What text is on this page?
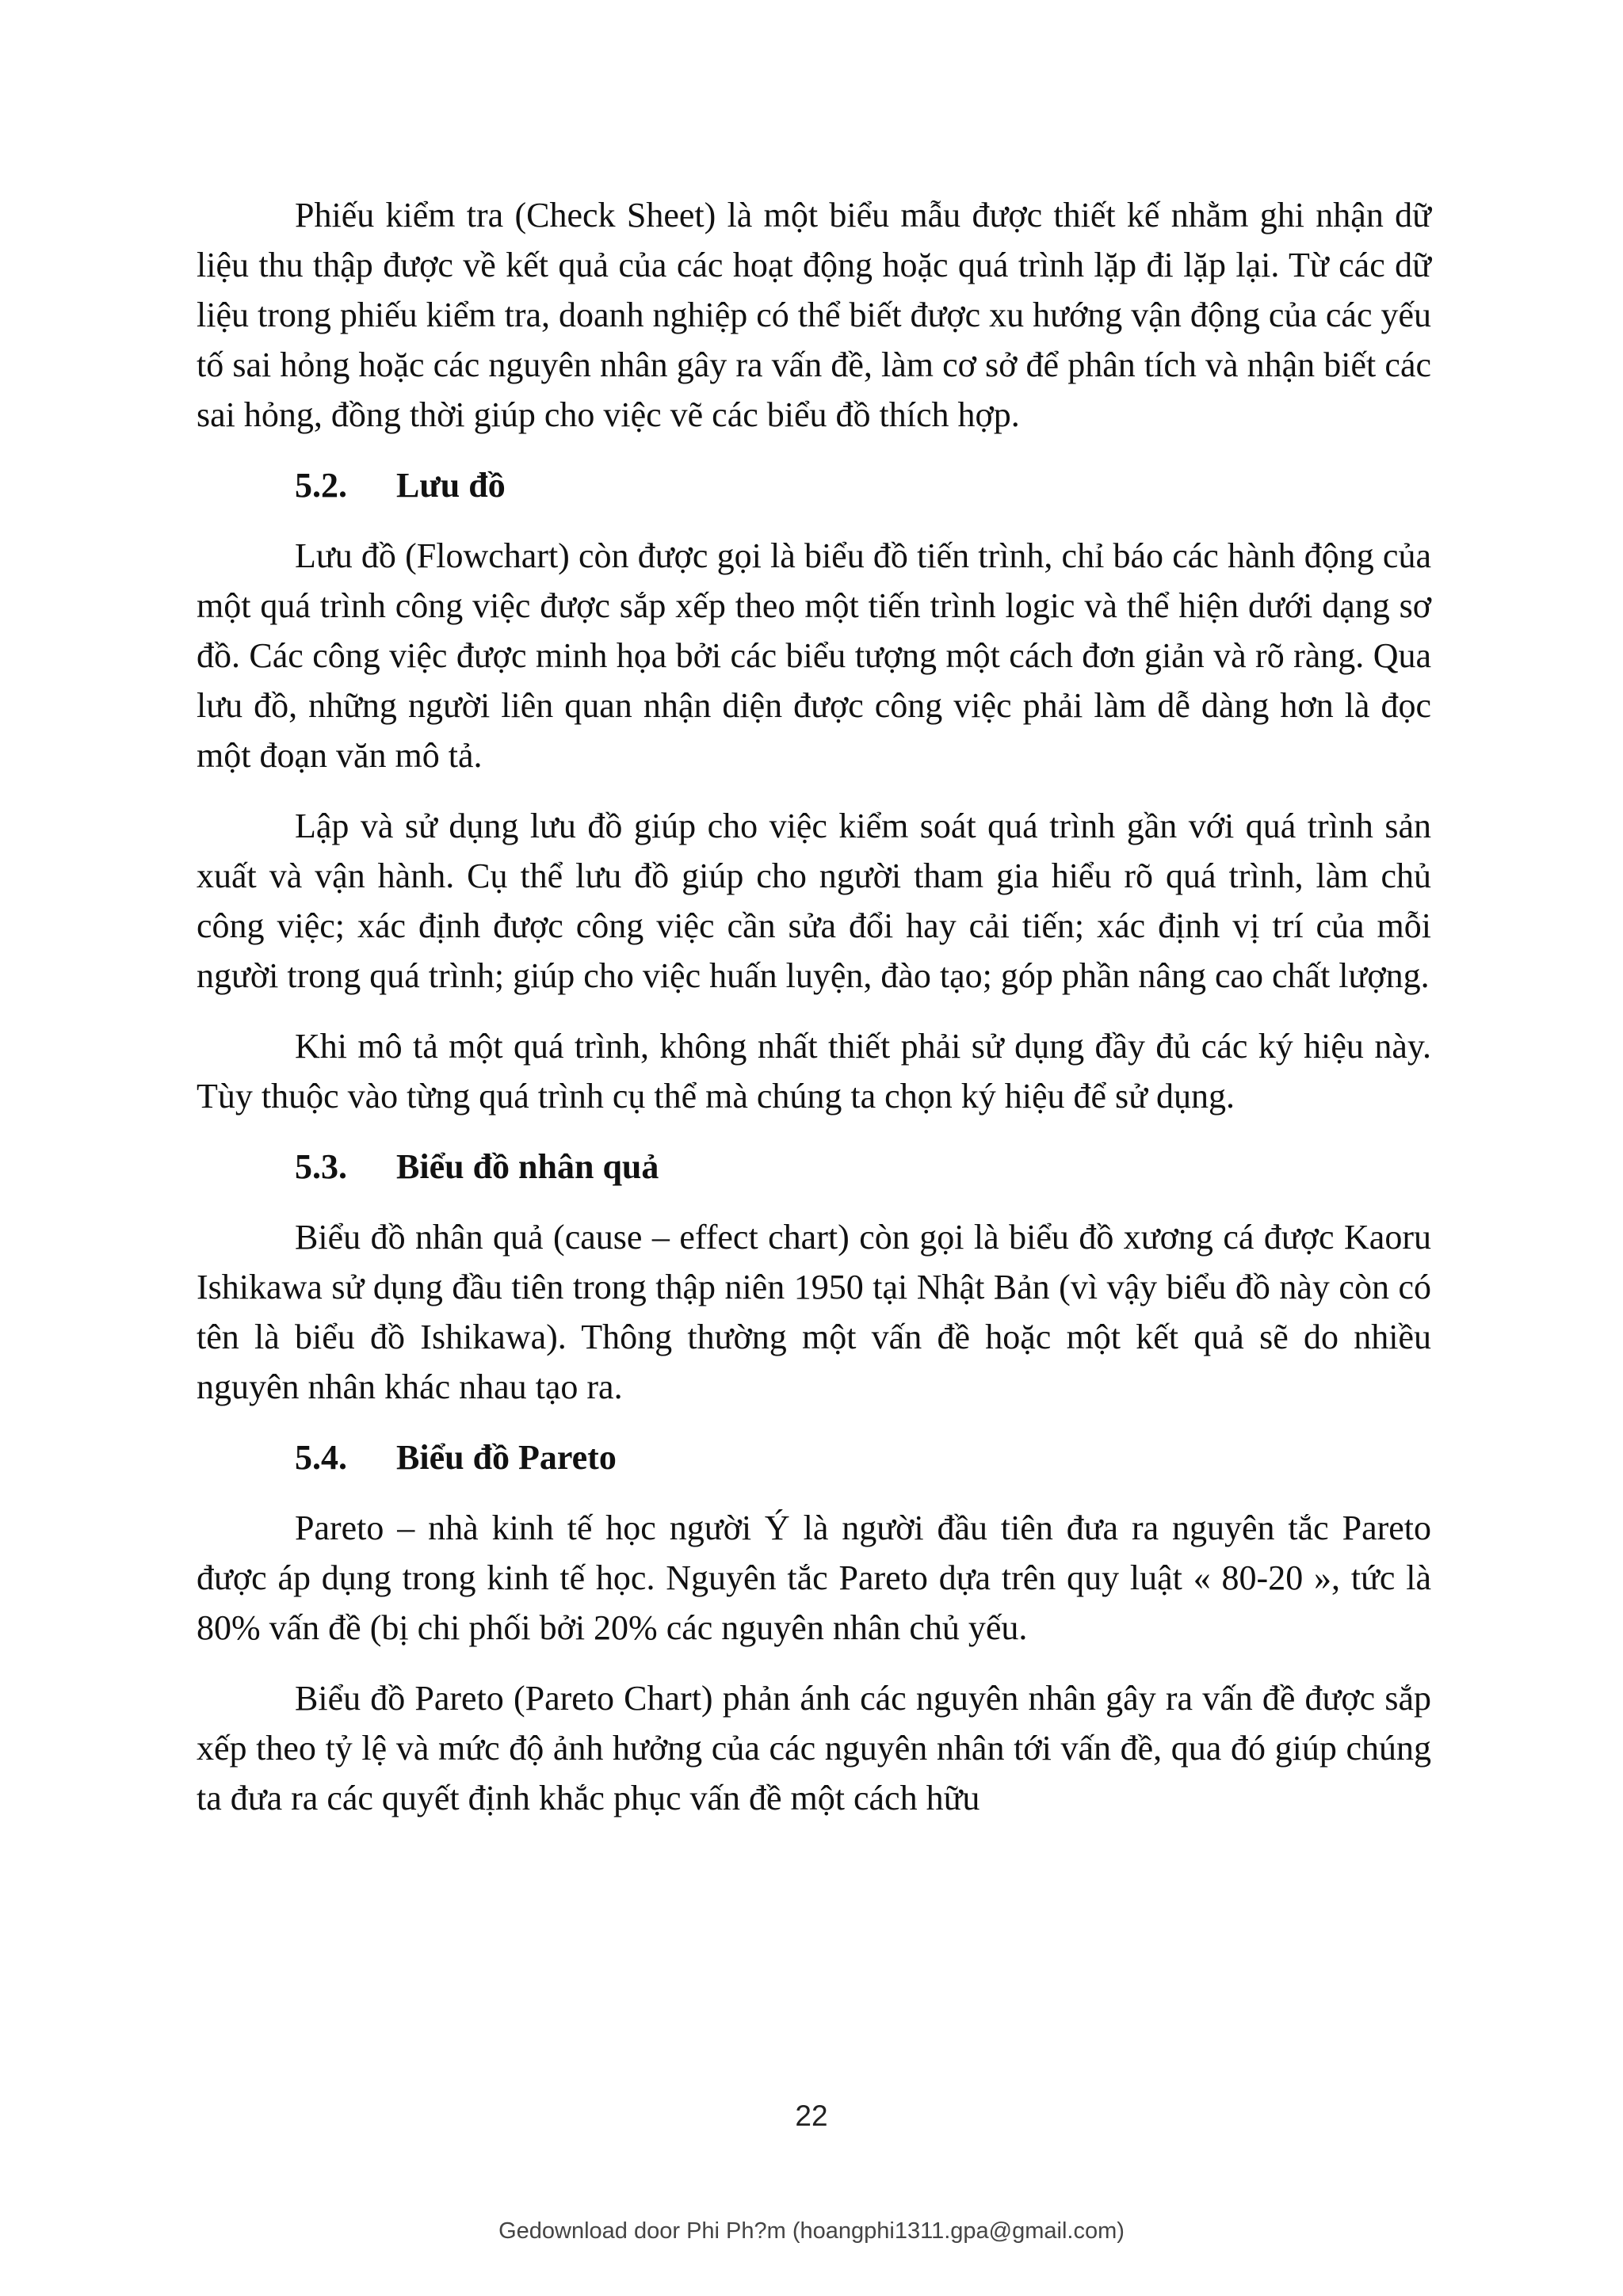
Phiếu kiểm tra (Check Sheet) là một biểu mẫu được thiết kế nhằm ghi nhận dữ liệu thu thập được về kết quả của các hoạt động hoặc quá trình lặp đi lặp lại. Từ các dữ liệu trong phiếu kiểm tra, doanh nghiệp có thể biết được xu hướng vận động của các yếu tố sai hỏng hoặc các nguyên nhân gây ra vấn đề, làm cơ sở để phân tích và nhận biết các sai hỏng, đồng thời giúp cho việc vẽ các biểu đồ thích hợp.

5.2.	Lưu đồ

Lưu đồ (Flowchart) còn được gọi là biểu đồ tiến trình, chỉ báo các hành động của một quá trình công việc được sắp xếp theo một tiến trình logic và thể hiện dưới dạng sơ đồ. Các công việc được minh họa bởi các biểu tượng một cách đơn giản và rõ ràng. Qua lưu đồ, những người liên quan nhận diện được công việc phải làm dễ dàng hơn là đọc một đoạn văn mô tả.

Lập và sử dụng lưu đồ giúp cho việc kiểm soát quá trình gần với quá trình sản xuất và vận hành. Cụ thể lưu đồ giúp cho người tham gia hiểu rõ quá trình, làm chủ công việc; xác định được công việc cần sửa đổi hay cải tiến; xác định vị trí của mỗi người trong quá trình; giúp cho việc huấn luyện, đào tạo; góp phần nâng cao chất lượng.

Khi mô tả một quá trình, không nhất thiết phải sử dụng đầy đủ các ký hiệu này. Tùy thuộc vào từng quá trình cụ thể mà chúng ta chọn ký hiệu để sử dụng.

5.3.	Biểu đồ nhân quả

Biểu đồ nhân quả (cause – effect chart) còn gọi là biểu đồ xương cá được Kaoru Ishikawa sử dụng đầu tiên trong thập niên 1950 tại Nhật Bản (vì vậy biểu đồ này còn có tên là biểu đồ Ishikawa). Thông thường một vấn đề hoặc một kết quả sẽ do nhiều nguyên nhân khác nhau tạo ra.

5.4.	Biểu đồ Pareto

Pareto – nhà kinh tế học người Ý là người đầu tiên đưa ra nguyên tắc Pareto được áp dụng trong kinh tế học. Nguyên tắc Pareto dựa trên quy luật « 80-20 », tức là 80% vấn đề (bị chi phối bởi 20% các nguyên nhân chủ yếu.

Biểu đồ Pareto (Pareto Chart) phản ánh các nguyên nhân gây ra vấn đề được sắp xếp theo tỷ lệ và mức độ ảnh hưởng của các nguyên nhân tới vấn đề, qua đó giúp chúng ta đưa ra các quyết định khắc phục vấn đề một cách hữu

22
Gedownload door Phi Ph?m (hoangphi1311.gpa@gmail.com)
